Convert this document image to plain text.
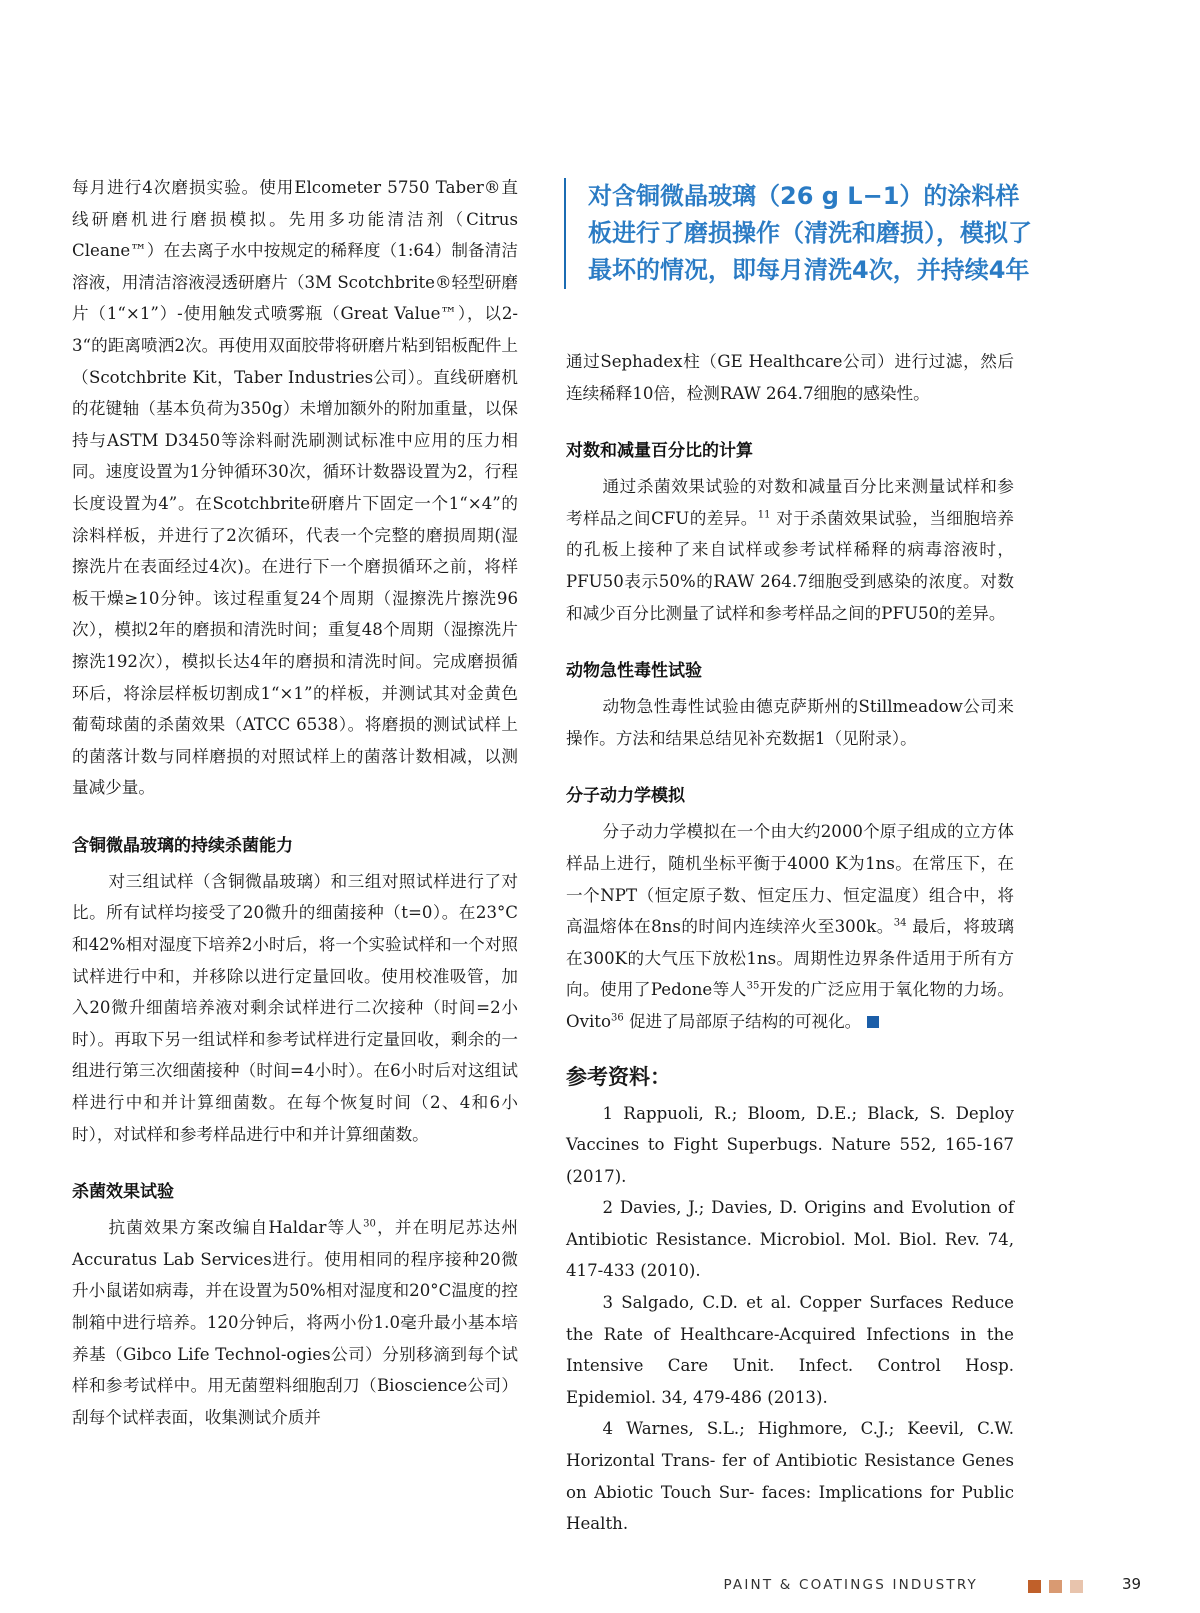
每月进行4次磨损实验。使用Elcometer 5750 Taber®直线研磨机进行磨损模拟。先用多功能清洁剂（Citrus Cleane™）在去离子水中按规定的稀释度（1:64）制备清洁溶液，用清洁溶液浸透研磨片（3M Scotchbrite®轻型研磨片（1“×1”）-使用触发式喷雾瓶（Great Value™），以2-3“的距离喷洒2次。再使用双面胶带将研磨片粘到铝板配件上（Scotchbrite Kit，Taber Industries公司）。直线研磨机的花键轴（基本负荷为350g）未增加额外的附加重量，以保持与ASTM D3450等涂料耐洗刷测试标准中应用的压力相同。速度设置为1分钟循环30次，循环计数器设置为2，行程长度设置为4”。在Scotchbrite研磨片下固定一个1“×4”的涂料样板，并进行了2次循环，代表一个完整的磨损周期(湿擦洗片在表面经过4次)。在进行下一个磨损循环之前，将样板干燥≥10分钟。该过程重复24个周期（湿擦洗片擦洗96次），模拟2年的磨损和清洗时间；重复48个周期（湿擦洗片擦洗192次），模拟长达4年的磨损和清洗时间。完成磨损循环后，将涂层样板切割成1“×1”的样板，并测试其对金黄色葡萄球菌的杀菌效果（ATCC 6538）。将磨损的测试试样上的菌落计数与同样磨损的对照试样上的菌落计数相减，以测量减少量。

含铜微晶玻璃的持续杀菌能力

对三组试样（含铜微晶玻璃）和三组对照试样进行了对比。所有试样均接受了20微升的细菌接种（t=0）。在23°C和42%相对湿度下培养2小时后，将一个实验试样和一个对照试样进行中和，并移除以进行定量回收。使用校准吸管，加入20微升细菌培养液对剩余试样进行二次接种（时间=2小时）。再取下另一组试样和参考试样进行定量回收，剩余的一组进行第三次细菌接种（时间=4小时）。在6小时后对这组试样进行中和并计算细菌数。在每个恢复时间（2、4和6小时），对试样和参考样品进行中和并计算细菌数。

杀菌效果试验

抗菌效果方案改编自Haldar等人$^{30}$，并在明尼苏达州Accuratus Lab Services进行。使用相同的程序接种20微升小鼠诺如病毒，并在设置为50%相对湿度和20°C温度的控制箱中进行培养。120分钟后，将两小份1.0毫升最小基本培养基（Gibco Life Technol-ogies公司）分别移滴到每个试样和参考试样中。用无菌塑料细胞刮刀（Bioscience公司）刮每个试样表面，收集测试介质并

对含铜微晶玻璃（26 g L−1）的涂料样板进行了磨损操作（清洗和磨损），模拟了最坏的情况，即每月清洗4次，并持续4年

通过Sephadex柱（GE Healthcare公司）进行过滤，然后连续稀释10倍，检测RAW 264.7细胞的感染性。

对数和减量百分比的计算

通过杀菌效果试验的对数和减量百分比来测量试样和参考样品之间CFU的差异。$^{11}$ 对于杀菌效果试验，当细胞培养的孔板上接种了来自试样或参考试样稀释的病毒溶液时，PFU50表示50%的RAW 264.7细胞受到感染的浓度。对数和减少百分比测量了试样和参考样品之间的PFU50的差异。

动物急性毒性试验

动物急性毒性试验由德克萨斯州的Stillmeadow公司来操作。方法和结果总结见补充数据1（见附录）。

分子动力学模拟

分子动力学模拟在一个由大约2000个原子组成的立方体样品上进行，随机坐标平衡于4000 K为1ns。在常压下，在一个NPT（恒定原子数、恒定压力、恒定温度）组合中，将高温熔体在8ns的时间内连续淬火至300k。$^{34}$ 最后，将玻璃在300K的大气压下放松1ns。周期性边界条件适用于所有方向。使用了Pedone等人$^{35}$开发的广泛应用于氧化物的力场。Ovito$^{36}$ 促进了局部原子结构的可视化。

参考资料：

1 Rappuoli, R.; Bloom, D.E.; Black, S. Deploy Vaccines to Fight Superbugs. Nature 552, 165-167 (2017).

2 Davies, J.; Davies, D. Origins and Evolution of Antibiotic Resistance. Microbiol. Mol. Biol. Rev. 74, 417-433 (2010).

3 Salgado, C.D. et al. Copper Surfaces Reduce the Rate of Healthcare-Acquired Infections in the Intensive Care Unit. Infect. Control Hosp. Epidemiol. 34, 479-486 (2013).

4 Warnes, S.L.; Highmore, C.J.; Keevil, C.W. Horizontal Trans- fer of Antibiotic Resistance Genes on Abiotic Touch Sur- faces: Implications for Public Health.

PAINT & COATINGS INDUSTRY	39
